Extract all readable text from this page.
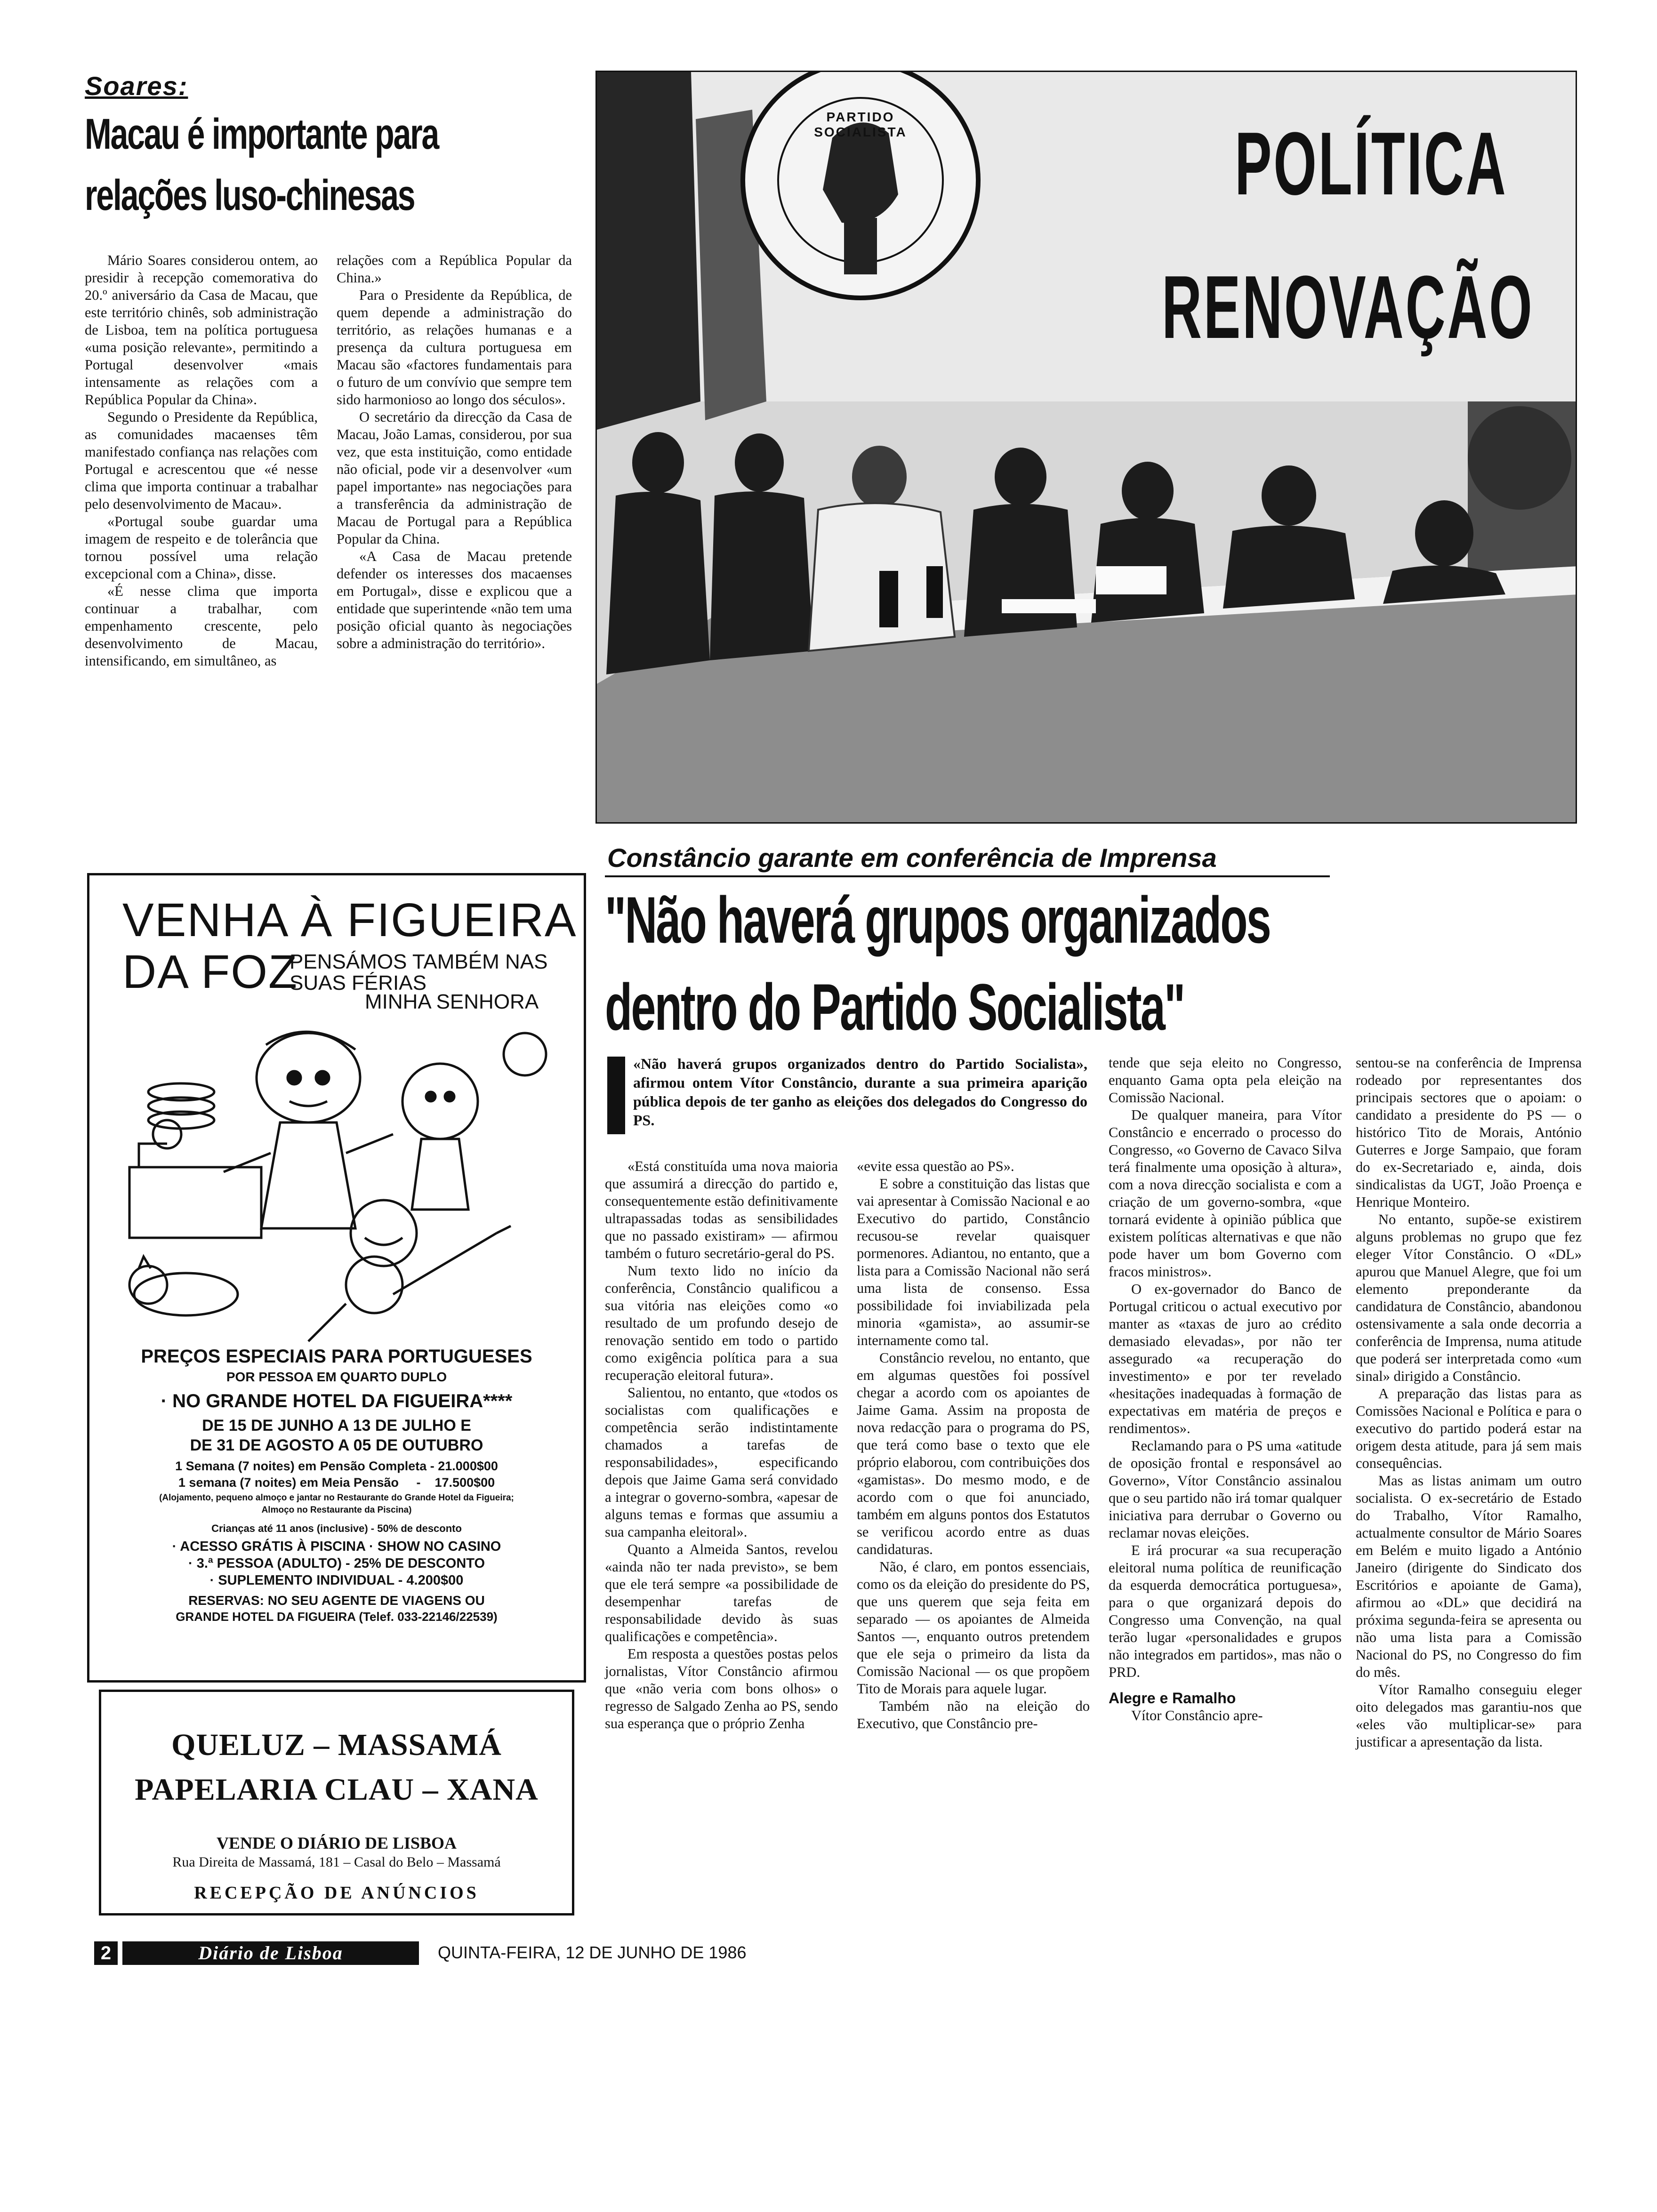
Soares:
Macau é importante para
relações luso-chinesas

Mário Soares considerou ontem, ao presidir à recepção comemorativa do 20.º aniversário da Casa de Macau, que este território chinês, sob administração de Lisboa, tem na política portuguesa «uma posição relevante», permitindo a Portugal desenvolver «mais intensamente as relações com a República Popular da China».

Segundo o Presidente da República, as comunidades macaenses têm manifestado confiança nas relações com Portugal e acrescentou que «é nesse clima que importa continuar a trabalhar pelo desenvolvimento de Macau».

«Portugal soube guardar uma imagem de respeito e de tolerância que tornou possível uma relação excepcional com a China», disse.

«É nesse clima que importa continuar a trabalhar, com empenhamento crescente, pelo desenvolvimento de Macau, intensificando, em simultâneo, as

relações com a República Popular da China.»

Para o Presidente da República, de quem depende a administração do território, as relações humanas e a presença da cultura portuguesa em Macau são «factores fundamentais para o futuro de um convívio que sempre tem sido harmonioso ao longo dos séculos».

O secretário da direcção da Casa de Macau, João Lamas, considerou, por sua vez, que esta instituição, como entidade não oficial, pode vir a desenvolver «um papel importante» nas negociações para a transferência da administração de Macau de Portugal para a República Popular da China.

«A Casa de Macau pretende defender os interesses dos macaenses em Portugal», disse e explicou que a entidade que superintende «não tem uma posição oficial quanto às negociações sobre a administração do território».

PARTIDO SOCIALISTA	POLÍTICA
RENOVAÇÃO
Constâncio garante em conferência de Imprensa
"Não haverá grupos organizados
dentro do Partido Socialista"
«Não haverá grupos organizados dentro do Partido Socialista», afirmou ontem Vítor Constâncio, durante a sua primeira aparição pública depois de ter ganho as eleições dos delegados do Congresso do PS.

«Está constituída uma nova maioria que assumirá a direcção do partido e, consequentemente estão definitivamente ultrapassadas todas as sensibilidades que no passado existiram» — afirmou também o futuro secretário-geral do PS.

Num texto lido no início da conferência, Constâncio qualificou a sua vitória nas eleições como «o resultado de um profundo desejo de renovação sentido em todo o partido como exigência política para a sua recuperação eleitoral futura».

Salientou, no entanto, que «todos os socialistas com qualificações e competência serão indistintamente chamados a tarefas de responsabilidades», especificando depois que Jaime Gama será convidado a integrar o governo-sombra, «apesar de alguns temas e formas que assumiu a sua campanha eleitoral».

Quanto a Almeida Santos, revelou «ainda não ter nada previsto», se bem que ele terá sempre «a possibilidade de desempenhar tarefas de responsabilidade devido às suas qualificações e competência».

Em resposta a questões postas pelos jornalistas, Vítor Constâncio afirmou que «não veria com bons olhos» o regresso de Salgado Zenha ao PS, sendo sua esperança que o próprio Zenha

«evite essa questão ao PS».

E sobre a constituição das listas que vai apresentar à Comissão Nacional e ao Executivo do partido, Constâncio recusou-se revelar quaisquer pormenores. Adiantou, no entanto, que a lista para a Comissão Nacional não será uma lista de consenso. Essa possibilidade foi inviabilizada pela minoria «gamista», ao assumir-se internamente como tal.

Constâncio revelou, no entanto, que em algumas questões foi possível chegar a acordo com os apoiantes de Jaime Gama. Assim na proposta de nova redacção para o programa do PS, que terá como base o texto que ele próprio elaborou, com contribuições dos «gamistas». Do mesmo modo, e de acordo com o que foi anunciado, também em alguns pontos dos Estatutos se verificou acordo entre as duas candidaturas.

Não, é claro, em pontos essenciais, como os da eleição do presidente do PS, que uns querem que seja feita em separado — os apoiantes de Almeida Santos —, enquanto outros pretendem que ele seja o primeiro da lista da Comissão Nacional — os que propõem Tito de Morais para aquele lugar.

Também não na eleição do Executivo, que Constâncio pre-

tende que seja eleito no Congresso, enquanto Gama opta pela eleição na Comissão Nacional.

De qualquer maneira, para Vítor Constâncio e encerrado o processo do Congresso, «o Governo de Cavaco Silva terá finalmente uma oposição à altura», com a nova direcção socialista e com a criação de um governo-sombra, «que tornará evidente à opinião pública que existem políticas alternativas e que não pode haver um bom Governo com fracos ministros».

O ex-governador do Banco de Portugal criticou o actual executivo por manter as «taxas de juro ao crédito demasiado elevadas», por não ter assegurado «a recuperação do investimento» e por ter revelado «hesitações inadequadas à formação de expectativas em matéria de preços e rendimentos».

Reclamando para o PS uma «atitude de oposição frontal e responsável ao Governo», Vítor Constâncio assinalou que o seu partido não irá tomar qualquer iniciativa para derrubar o Governo ou reclamar novas eleições.

E irá procurar «a sua recuperação eleitoral numa política de reunificação da esquerda democrática portuguesa», para o que organizará depois do Congresso uma Convenção, na qual terão lugar «personalidades e grupos não integrados em partidos», mas não o PRD.

Alegre e Ramalho

Vítor Constâncio apre-

sentou-se na conferência de Imprensa rodeado por representantes dos principais sectores que o apoiam: o candidato a presidente do PS — o histórico Tito de Morais, António Guterres e Jorge Sampaio, que foram do ex-Secretariado e, ainda, dois sindicalistas da UGT, João Proença e Henrique Monteiro.

No entanto, supõe-se existirem alguns problemas no grupo que fez eleger Vítor Constâncio. O «DL» apurou que Manuel Alegre, que foi um elemento preponderante da candidatura de Constâncio, abandonou ostensivamente a sala onde decorria a conferência de Imprensa, numa atitude que poderá ser interpretada como «um sinal» dirigido a Constâncio.

A preparação das listas para as Comissões Nacional e Política e para o executivo do partido poderá estar na origem desta atitude, para já sem mais consequências.

Mas as listas animam um outro socialista. O ex-secretário de Estado do Trabalho, Vítor Ramalho, actualmente consultor de Mário Soares em Belém e muito ligado a António Janeiro (dirigente do Sindicato dos Escritórios e apoiante de Gama), afirmou ao «DL» que decidirá na próxima segunda-feira se apresenta ou não uma lista para a Comissão Nacional do PS, no Congresso do fim do mês.

Vítor Ramalho conseguiu eleger oito delegados mas garantiu-nos que «eles vão multiplicar-se» para justificar a apresentação da lista.

VENHA À FIGUEIRA
DA FOZ
PENSÁMOS TAMBÉM NAS
SUAS FÉRIAS
MINHA SENHORA
PREÇOS ESPECIAIS PARA PORTUGUESES
POR PESSOA EM QUARTO DUPLO
· NO GRANDE HOTEL DA FIGUEIRA****
DE 15 DE JUNHO A 13 DE JULHO E
DE 31 DE AGOSTO A 05 DE OUTUBRO
1 Semana (7 noites) em Pensão Completa - 21.000$00
1 semana (7 noites) em Meia Pensão     -    17.500$00
(Alojamento, pequeno almoço e jantar no Restaurante do Grande Hotel da Figueira;
Almoço no Restaurante da Piscina)
Crianças até 11 anos (inclusive) - 50% de desconto
· ACESSO GRÁTIS À PISCINA · SHOW NO CASINO
· 3.ª PESSOA (ADULTO) - 25% DE DESCONTO
· SUPLEMENTO INDIVIDUAL - 4.200$00
RESERVAS: NO SEU AGENTE DE VIAGENS OU
GRANDE HOTEL DA FIGUEIRA (Telef. 033-22146/22539)
QUELUZ – MASSAMÁ
PAPELARIA CLAU – XANA
VENDE O DIÁRIO DE LISBOA
Rua Direita de Massamá, 181 – Casal do Belo – Massamá
RECEPÇÃO DE ANÚNCIOS
2	Diário de Lisboa	QUINTA-FEIRA, 12 DE JUNHO DE 1986
